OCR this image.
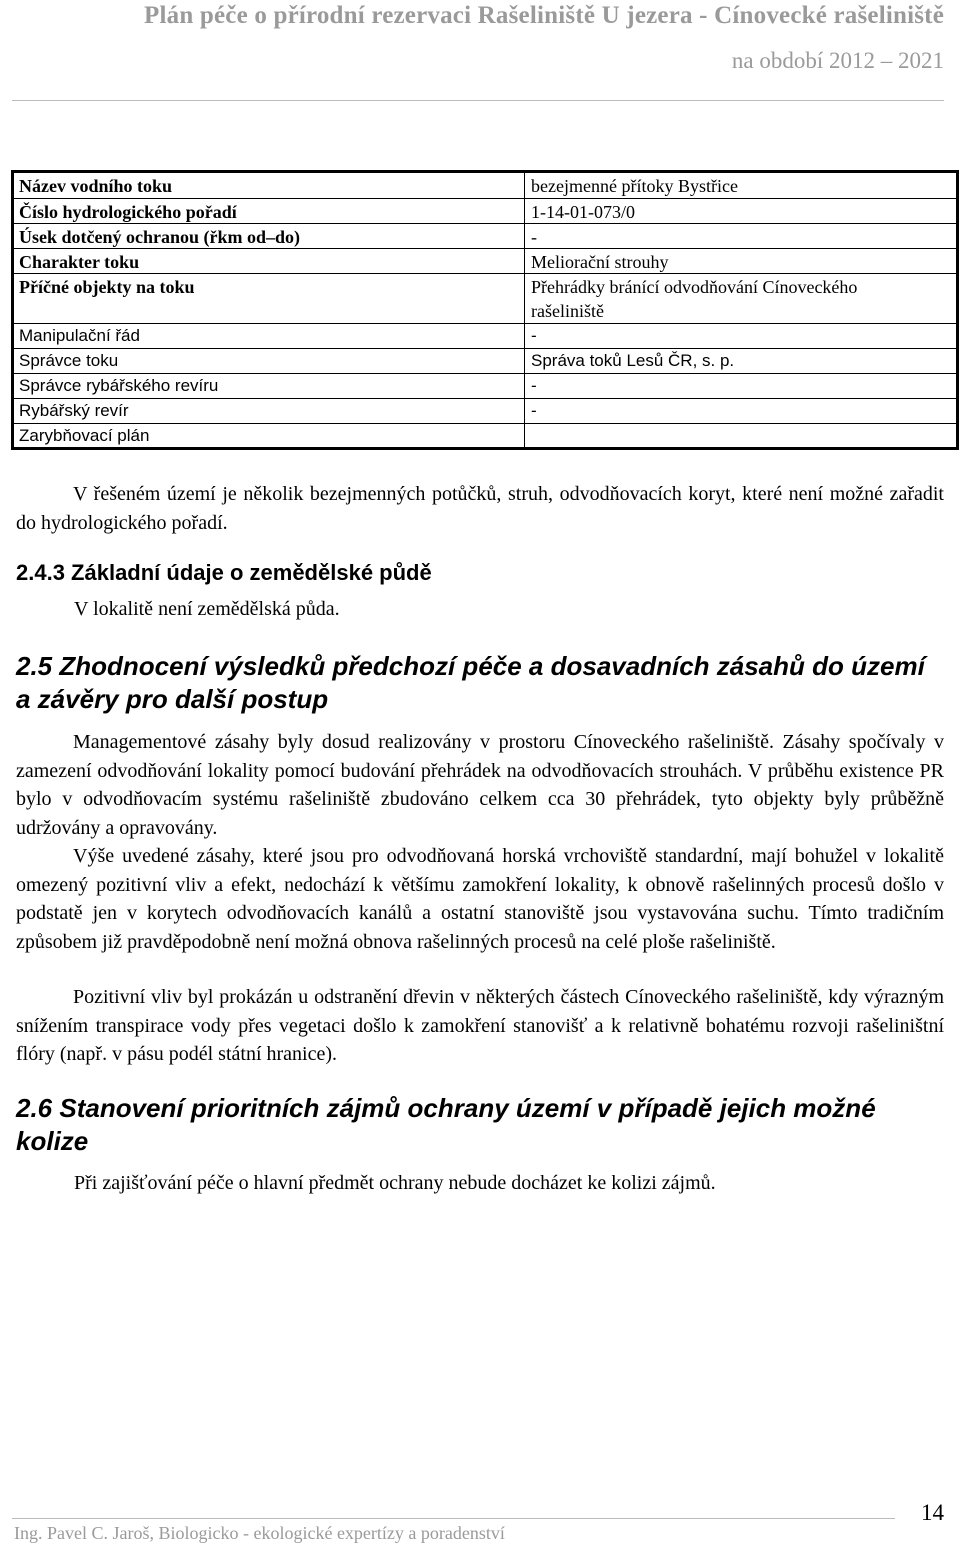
Plán péče o přírodní rezervaci Rašeliniště U jezera - Cínovecké rašeliniště
na období 2012 – 2021
Název vodního toku	bezejmenné přítoky Bystřice
Číslo hydrologického pořadí	1-14-01-073/0
Úsek dotčený ochranou (řkm od–do)	-
Charakter toku	Meliorační strouhy
Příčné objekty na toku	Přehrádky bránící odvodňování Cínoveckého
rašeliniště
Manipulační řád	-
Správce toku	Správa toků Lesů ČR, s. p.
Správce rybářského revíru	-
Rybářský revír	-
Zarybňovací plán

V řešeném území je několik bezejmenných potůčků, struh, odvodňovacích koryt, které není možné zařadit do hydrologického pořadí.

2.4.3 Základní údaje o zemědělské půdě
V lokalitě není zemědělská půda.
2.5 Zhodnocení výsledků předchozí péče a dosavadních zásahů do území a závěry pro další postup

Managementové zásahy byly dosud realizovány v prostoru Cínoveckého rašeliniště. Zásahy spočívaly v zamezení odvodňování lokality pomocí budování přehrádek na odvodňovacích strouhách. V průběhu existence PR bylo v odvodňovacím systému rašeliniště zbudováno celkem cca 30 přehrádek, tyto objekty byly průběžně udržovány a opravovány.

Výše uvedené zásahy, které jsou pro odvodňovaná horská vrchoviště standardní, mají bohužel v lokalitě omezený pozitivní vliv a efekt, nedochází k většímu zamokření lokality, k obnově rašelinných procesů došlo v podstatě jen v korytech odvodňovacích kanálů a ostatní stanoviště jsou vystavována suchu. Tímto tradičním způsobem již pravděpodobně není možná obnova rašelinných procesů na celé ploše rašeliniště.

Pozitivní vliv byl prokázán u odstranění dřevin v některých částech Cínoveckého rašeliniště, kdy výrazným snížením transpirace vody přes vegetaci došlo k zamokření stanovišť a k relativně bohatému rozvoji rašeliništní flóry (např. v pásu podél státní hranice).

2.6 Stanovení prioritních zájmů ochrany území v případě jejich možné kolize
Při zajišťování péče o hlavní předmět ochrany nebude docházet ke kolizi zájmů.
14
Ing. Pavel C. Jaroš, Biologicko - ekologické expertízy a poradenství
